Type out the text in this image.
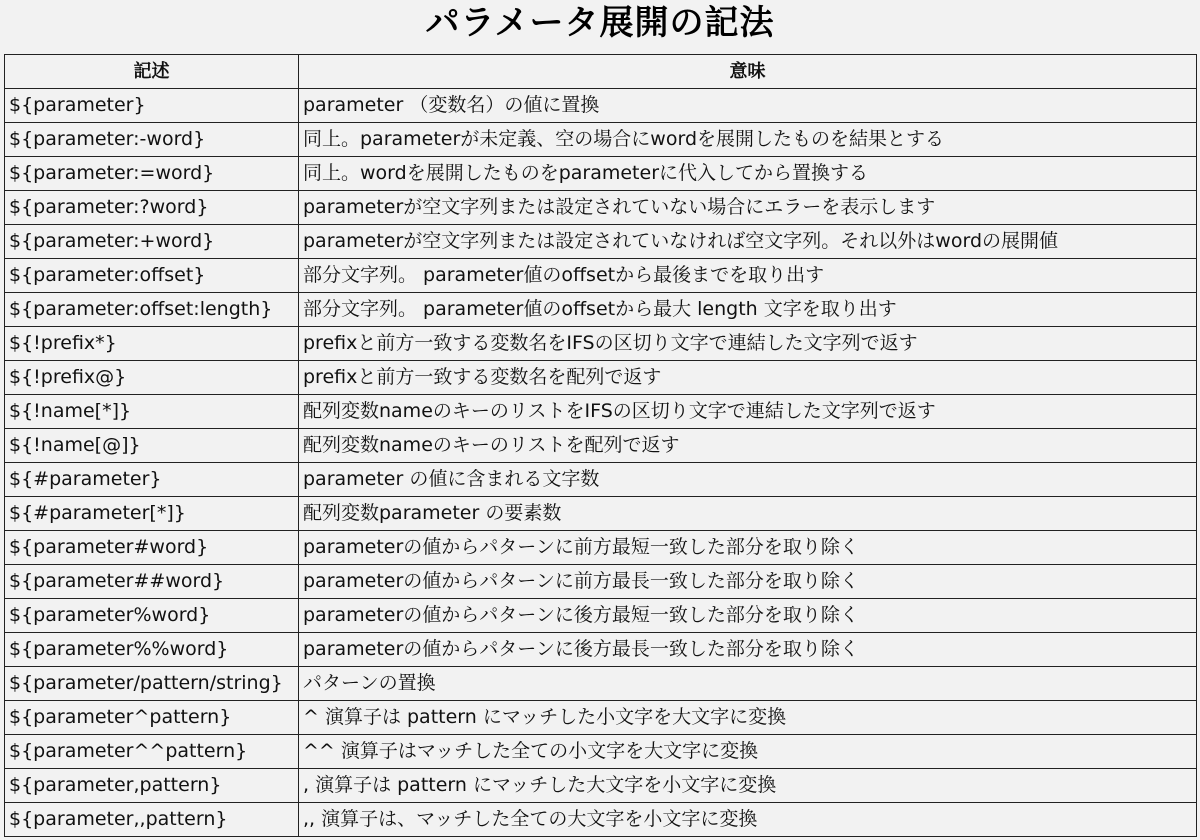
パラメータ展開の記法
記述	意味
${parameter}	parameter （変数名）の値に置換
${parameter:-word}	同上。parameterが未定義、空の場合にwordを展開したものを結果とする
${parameter:=word}	同上。wordを展開したものをparameterに代入してから置換する
${parameter:?word}	parameterが空文字列または設定されていない場合にエラーを表示します
${parameter:+word}	parameterが空文字列または設定されていなければ空文字列。それ以外はwordの展開値
${parameter:offset}	部分文字列。 parameter値のoffsetから最後までを取り出す
${parameter:offset:length}	部分文字列。 parameter値のoffsetから最大 length 文字を取り出す
${!prefix*}	prefixと前方一致する変数名をIFSの区切り文字で連結した文字列で返す
${!prefix@}	prefixと前方一致する変数名を配列で返す
${!name[*]}	配列変数nameのキーのリストをIFSの区切り文字で連結した文字列で返す
${!name[@]}	配列変数nameのキーのリストを配列で返す
${#parameter}	parameter の値に含まれる文字数
${#parameter[*]}	配列変数parameter の要素数
${parameter#word}	parameterの値からパターンに前方最短一致した部分を取り除く
${parameter##word}	parameterの値からパターンに前方最長一致した部分を取り除く
${parameter%word}	parameterの値からパターンに後方最短一致した部分を取り除く
${parameter%%word}	parameterの値からパターンに後方最長一致した部分を取り除く
${parameter/pattern/string}	パターンの置換
${parameter^pattern}	^ 演算子は pattern にマッチした小文字を大文字に変換
${parameter^^pattern}	^^ 演算子はマッチした全ての小文字を大文字に変換
${parameter,pattern}	, 演算子は pattern にマッチした大文字を小文字に変換
${parameter,,pattern}	,, 演算子は、マッチした全ての大文字を小文字に変換
